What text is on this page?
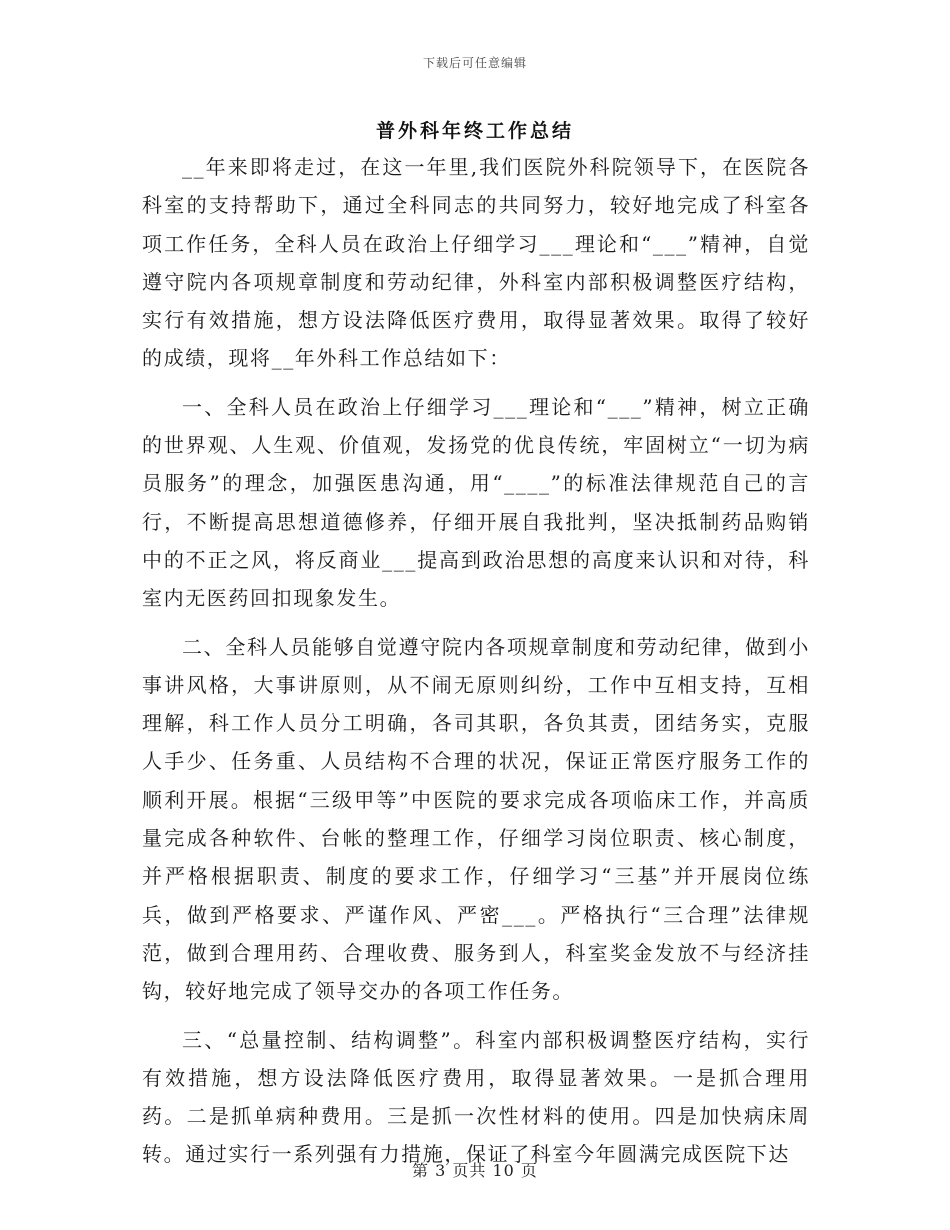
下载后可任意编辑
普外科年终工作总结

__年来即将走过，在这一年里,我们医院外科院领导下，在医院各科室的支持帮助下，通过全科同志的共同努力，较好地完成了科室各项工作任务，全科人员在政治上仔细学习___理论和“___”精神，自觉遵守院内各项规章制度和劳动纪律，外科室内部积极调整医疗结构，实行有效措施，想方设法降低医疗费用，取得显著效果。取得了较好的成绩，现将__年外科工作总结如下：

一、全科人员在政治上仔细学习___理论和“___”精神，树立正确的世界观、人生观、价值观，发扬党的优良传统，牢固树立“一切为病员服务”的理念，加强医患沟通，用“____”的标准法律规范自己的言行，不断提高思想道德修养，仔细开展自我批判，坚决抵制药品购销中的不正之风，将反商业___提高到政治思想的高度来认识和对待，科室内无医药回扣现象发生。

二、全科人员能够自觉遵守院内各项规章制度和劳动纪律，做到小事讲风格，大事讲原则，从不闹无原则纠纷，工作中互相支持，互相理解，科工作人员分工明确，各司其职，各负其责，团结务实，克服人手少、任务重、人员结构不合理的状况，保证正常医疗服务工作的顺利开展。根据“三级甲等”中医院的要求完成各项临床工作，并高质量完成各种软件、台帐的整理工作，仔细学习岗位职责、核心制度，并严格根据职责、制度的要求工作，仔细学习“三基”并开展岗位练兵，做到严格要求、严谨作风、严密___。严格执行“三合理”法律规范，做到合理用药、合理收费、服务到人，科室奖金发放不与经济挂钩，较好地完成了领导交办的各项工作任务。

三、“总量控制、结构调整”。科室内部积极调整医疗结构，实行有效措施，想方设法降低医疗费用，取得显著效果。一是抓合理用药。二是抓单病种费用。三是抓一次性材料的使用。四是加快病床周转。通过实行一系列强有力措施，保证了科室今年圆满完成医院下达

第 3 页共 10 页
